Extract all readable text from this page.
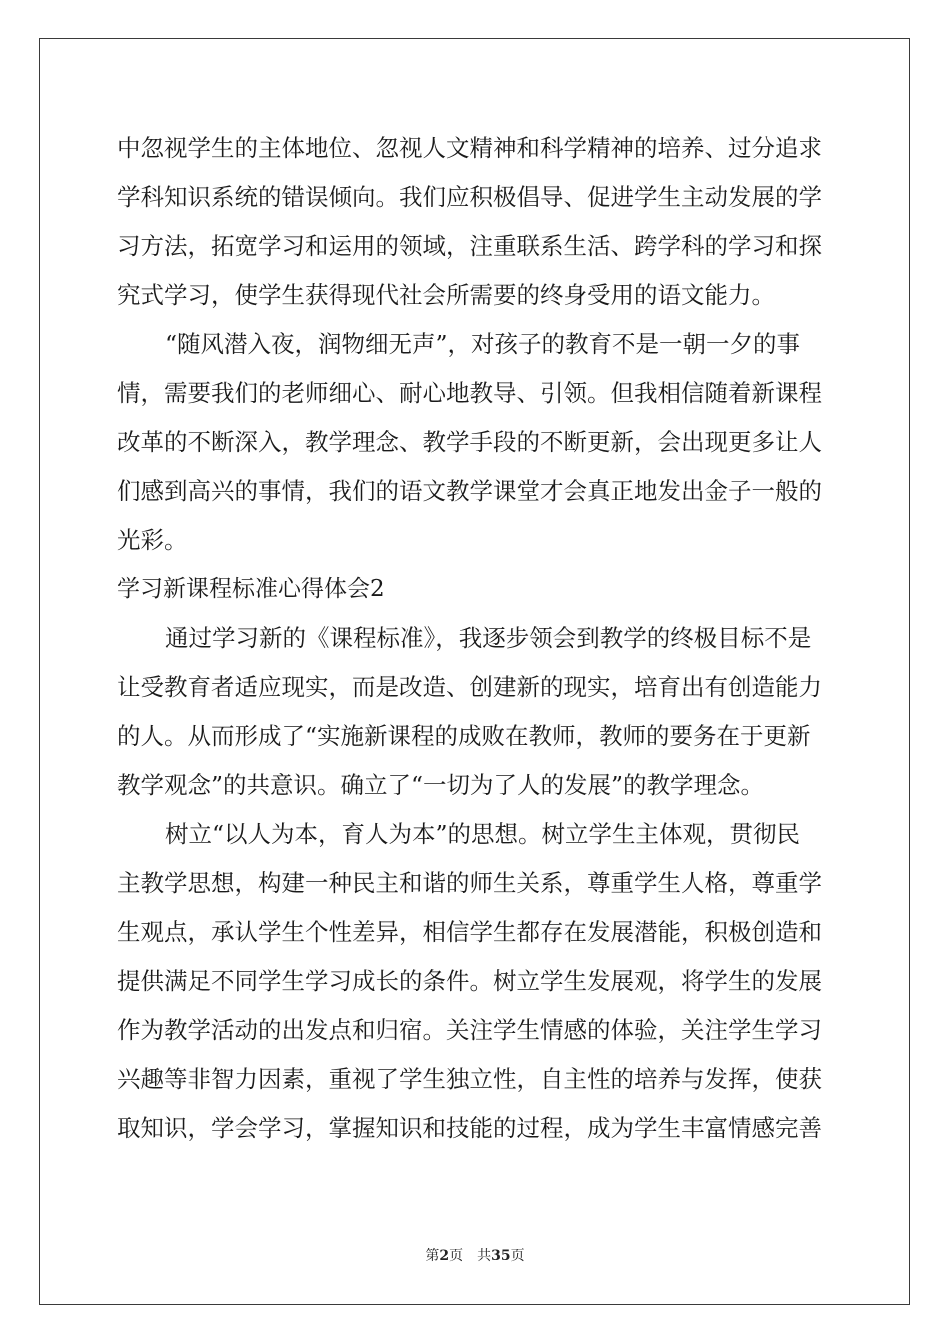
中忽视学生的主体地位、忽视人文精神和科学精神的培养、过分追求
学科知识系统的错误倾向。我们应积极倡导、促进学生主动发展的学
习方法，拓宽学习和运用的领域，注重联系生活、跨学科的学习和探
究式学习，使学生获得现代社会所需要的终身受用的语文能力。
“随风潜入夜，润物细无声”，对孩子的教育不是一朝一夕的事
情，需要我们的老师细心、耐心地教导、引领。但我相信随着新课程
改革的不断深入，教学理念、教学手段的不断更新，会出现更多让人
们感到高兴的事情，我们的语文教学课堂才会真正地发出金子一般的
光彩。
学习新课程标准心得体会2
通过学习新的《课程标准》，我逐步领会到教学的终极目标不是
让受教育者适应现实，而是改造、创建新的现实，培育出有创造能力
的人。从而形成了“实施新课程的成败在教师，教师的要务在于更新
教学观念”的共意识。确立了“一切为了人的发展”的教学理念。
树立“以人为本，育人为本”的思想。树立学生主体观，贯彻民
主教学思想，构建一种民主和谐的师生关系，尊重学生人格，尊重学
生观点，承认学生个性差异，相信学生都存在发展潜能，积极创造和
提供满足不同学生学习成长的条件。树立学生发展观，将学生的发展
作为教学活动的出发点和归宿。关注学生情感的体验，关注学生学习
兴趣等非智力因素，重视了学生独立性，自主性的培养与发挥，使获
取知识，学会学习，掌握知识和技能的过程，成为学生丰富情感完善
第2页 共35页
